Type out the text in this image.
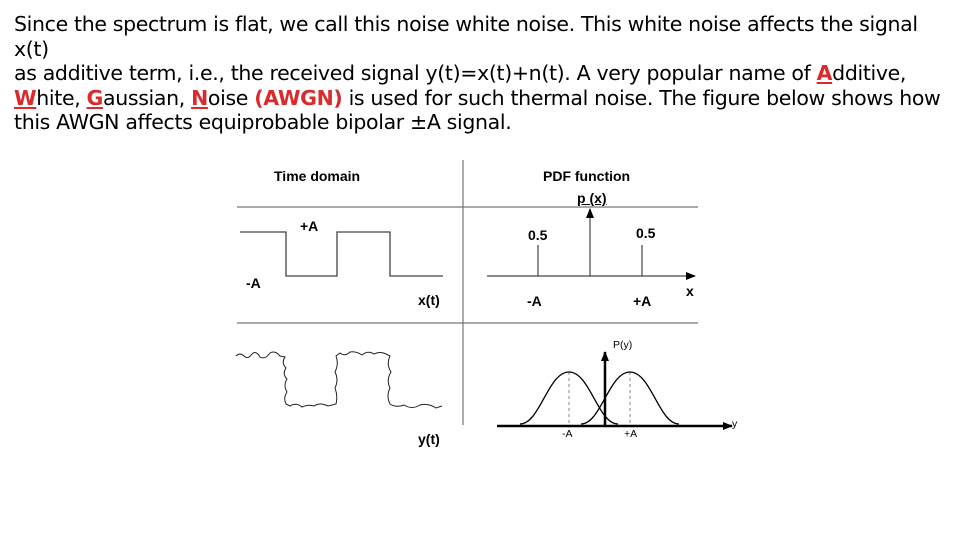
Since the spectrum is flat, we call this noise white noise. This white noise affects the signal x(t)
as additive term, i.e., the received signal y(t)=x(t)+n(t). A very popular name of Additive,
White, Gaussian, Noise (AWGN) is used for such thermal noise. The figure below shows how
this AWGN affects equiprobable bipolar ±A signal.
Time domain	PDF function
p (x)
+A
-A
x(t)
y(t)
0.5	0.5
-A	+A
x
P(y)
-A	+A
y
